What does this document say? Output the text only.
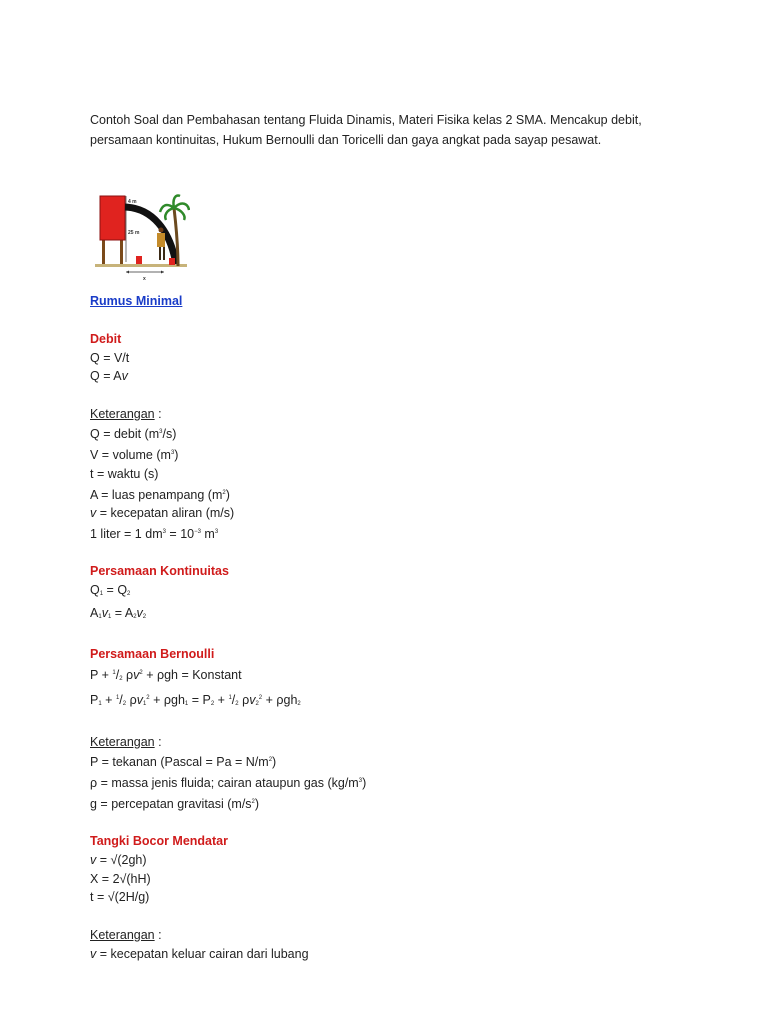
Contoh Soal dan Pembahasan tentang Fluida Dinamis, Materi Fisika kelas 2 SMA. Mencakup debit, persamaan kontinuitas, Hukum Bernoulli dan Toricelli dan gaya angkat pada sayap pesawat.

4 m
25 m
x
Rumus Minimal
Debit
Q = V/t
Q = Av
Keterangan :
Q = debit $(m^3/s)$
V = volume $(m^3)$
t = waktu (s)
A = luas penampang $(m^2)$
v = kecepatan aliran (m/s)
1 liter = 1 $dm^3 = 10^{-3}$ $m^3$
Persamaan Kontinuitas
$Q_1 = Q_2$
$A_1v_1 = A_2v_2$
Persamaan Bernoulli
$P + ^1/_2$ $\rho v^2 + \rho gh$ = Konstant
$P_1 + ^1/_2$ $\rho v_1^2 + \rho gh_1 = P_2 + ^1/_2$ $\rho v_2^2 + \rho gh_2$
Keterangan :
P = tekanan (Pascal = $Pa = N/m^2$)
ρ = massa jenis fluida; cairan ataupun gas $(kg/m^3)$
g = percepatan gravitasi $(m/s^2)$
Tangki Bocor Mendatar
v = √(2gh)
X = 2√(hH)
t = √(2H/g)
Keterangan :
v = kecepatan keluar cairan dari lubang
